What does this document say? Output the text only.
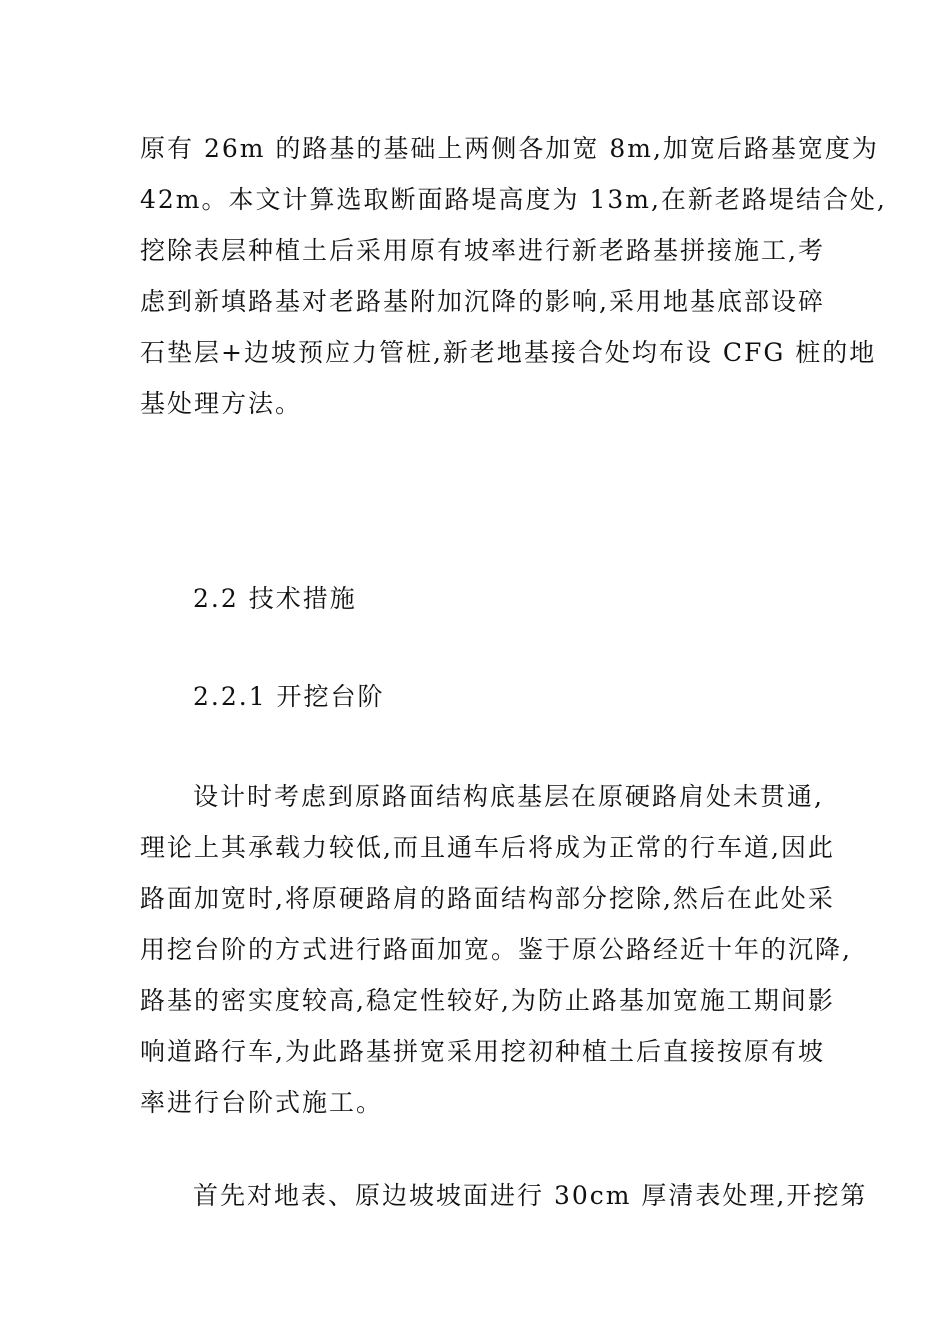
原有 26m 的路基的基础上两侧各加宽 8m,加宽后路基宽度为
42m。本文计算选取断面路堤高度为 13m,在新老路堤结合处,
挖除表层种植土后采用原有坡率进行新老路基拼接施工,考
虑到新填路基对老路基附加沉降的影响,采用地基底部设碎
石垫层+边坡预应力管桩,新老地基接合处均布设 CFG 桩的地
基处理方法。
2.2 技术措施
2.2.1 开挖台阶
设计时考虑到原路面结构底基层在原硬路肩处未贯通,
理论上其承载力较低,而且通车后将成为正常的行车道,因此
路面加宽时,将原硬路肩的路面结构部分挖除,然后在此处采
用挖台阶的方式进行路面加宽。鉴于原公路经近十年的沉降,
路基的密实度较高,稳定性较好,为防止路基加宽施工期间影
响道路行车,为此路基拼宽采用挖初种植土后直接按原有坡
率进行台阶式施工。
首先对地表、原边坡坡面进行 30cm 厚清表处理,开挖第
